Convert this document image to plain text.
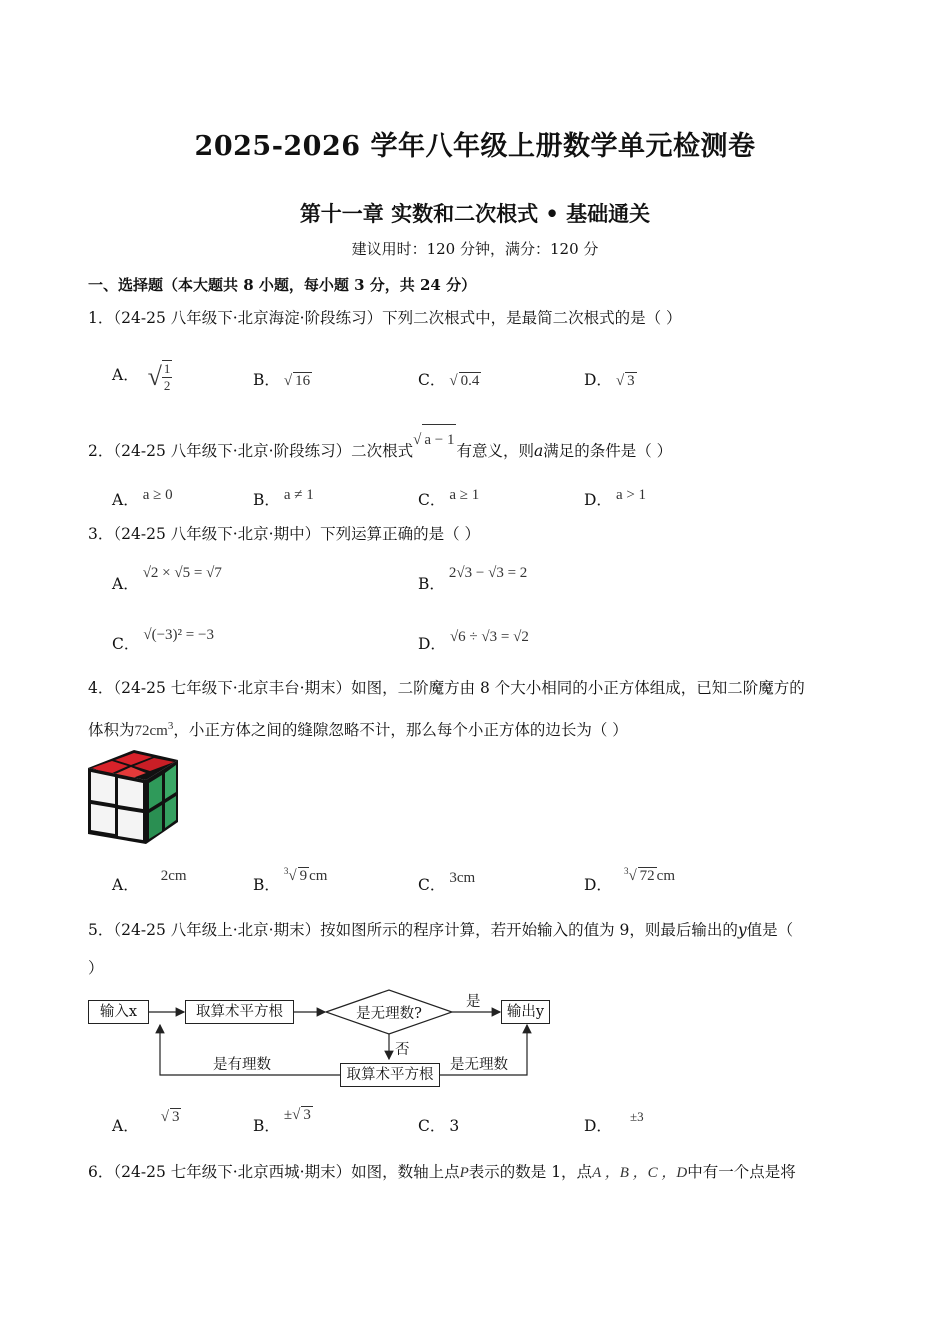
2025-2026 学年八年级上册数学单元检测卷
第十一章 实数和二次根式 • 基础通关
建议用时：120 分钟，满分：120 分
一、选择题（本大题共 8 小题，每小题 3 分，共 24 分）
1．（24-25 八年级下·北京海淀·阶段练习）下列二次根式中，是最简二次根式的是（ ）
A． √ $\frac{1}{2}$	B． √ 16	C． √ 0.4	D． √ 3
2．（24-25 八年级下·北京·阶段练习）二次根式√ a − 1有意义，则a满足的条件是（ ）
A． a ≥ 0	B． a ≠ 1	C． a ≥ 1	D． a > 1
3．（24-25 八年级下·北京·期中）下列运算正确的是（ ）
A．√2 × √5 = √7
B．2√3 − √3 = 2
C． √(−3)² = −3	D． √6 ÷ √3 = √2
4．（24-25 七年级下·北京丰台·期末）如图，二阶魔方由 8 个大小相同的小正方体组成，已知二阶魔方的
体积为$72cm^3$，小正方体之间的缝隙忽略不计，那么每个小正方体的边长为（ ）
A． 2cm	B．$^3$√ 9 cm	C． 3cm	D．$^3$√ 72 cm
5．（24-25 八年级上·北京·期末）按如图所示的程序计算，若开始输入的值为 9，则最后输出的y值是（
）
输入x	取算术平方根	是无理数?
是
输出y
否
取算术平方根
是有理数	是无理数
A． √ 3	B．±√ 3
C． 3	D．$^{\pm 3}$
6．（24-25 七年级下·北京西城·期末）如图，数轴上点P表示的数是 1，点A ，B ，C ，D中有一个点是将
